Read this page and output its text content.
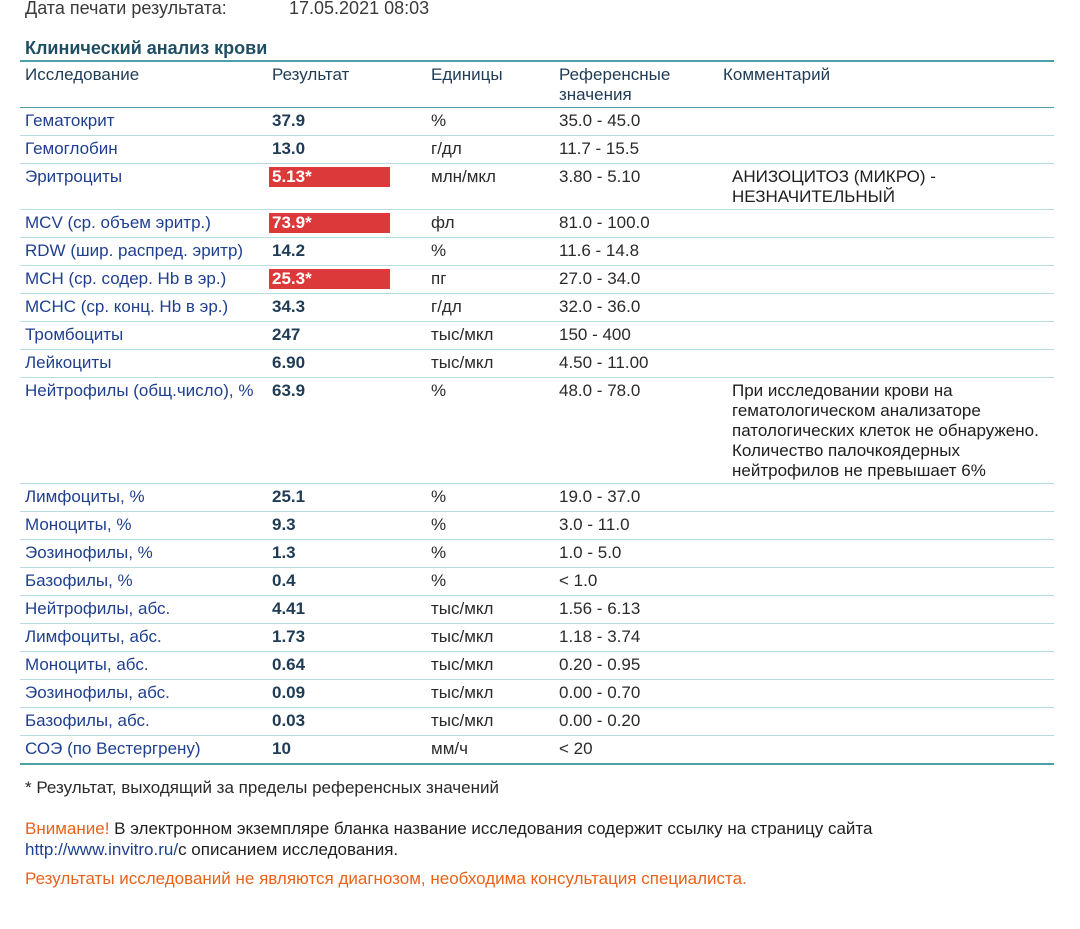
Дата печати результата:	17.05.2021 08:03
Клинический анализ крови
Исследование	Результат	Единицы	Референсные значения	Комментарий
Гематокрит	37.9	%	35.0 - 45.0	
Гемоглобин	13.0	г/дл	11.7 - 15.5	
Эритроциты	5.13*	млн/мкл	3.80 - 5.10	АНИЗОЦИТОЗ (МИКРО) - НЕЗНАЧИТЕЛЬНЫЙ
MCV (ср. объем эритр.)	73.9*	фл	81.0 - 100.0	
RDW (шир. распред. эритр)	14.2	%	11.6 - 14.8	
MCH (ср. содер. Hb в эр.)	25.3*	пг	27.0 - 34.0	
MCHC (ср. конц. Hb в эр.)	34.3	г/дл	32.0 - 36.0	
Тромбоциты	247	тыс/мкл	150 - 400	
Лейкоциты	6.90	тыс/мкл	4.50 - 11.00	
Нейтрофилы (общ.число), %	63.9	%	48.0 - 78.0	При исследовании крови на гематологическом анализаторе патологических клеток не обнаружено. Количество палочкоядерных нейтрофилов не превышает 6%
Лимфоциты, %	25.1	%	19.0 - 37.0	
Моноциты, %	9.3	%	3.0 - 11.0	
Эозинофилы, %	1.3	%	1.0 - 5.0	
Базофилы, %	0.4	%	< 1.0	
Нейтрофилы, абс.	4.41	тыс/мкл	1.56 - 6.13	
Лимфоциты, абс.	1.73	тыс/мкл	1.18 - 3.74	
Моноциты, абс.	0.64	тыс/мкл	0.20 - 0.95	
Эозинофилы, абс.	0.09	тыс/мкл	0.00 - 0.70	
Базофилы, абс.	0.03	тыс/мкл	0.00 - 0.20	
СОЭ (по Вестергрену)	10	мм/ч	< 20	
* Результат, выходящий за пределы референсных значений
Внимание! В электронном экземпляре бланка название исследования содержит ссылку на страницу сайта
http://www.invitro.ru/с описанием исследования.
Результаты исследований не являются диагнозом, необходима консультация специалиста.
